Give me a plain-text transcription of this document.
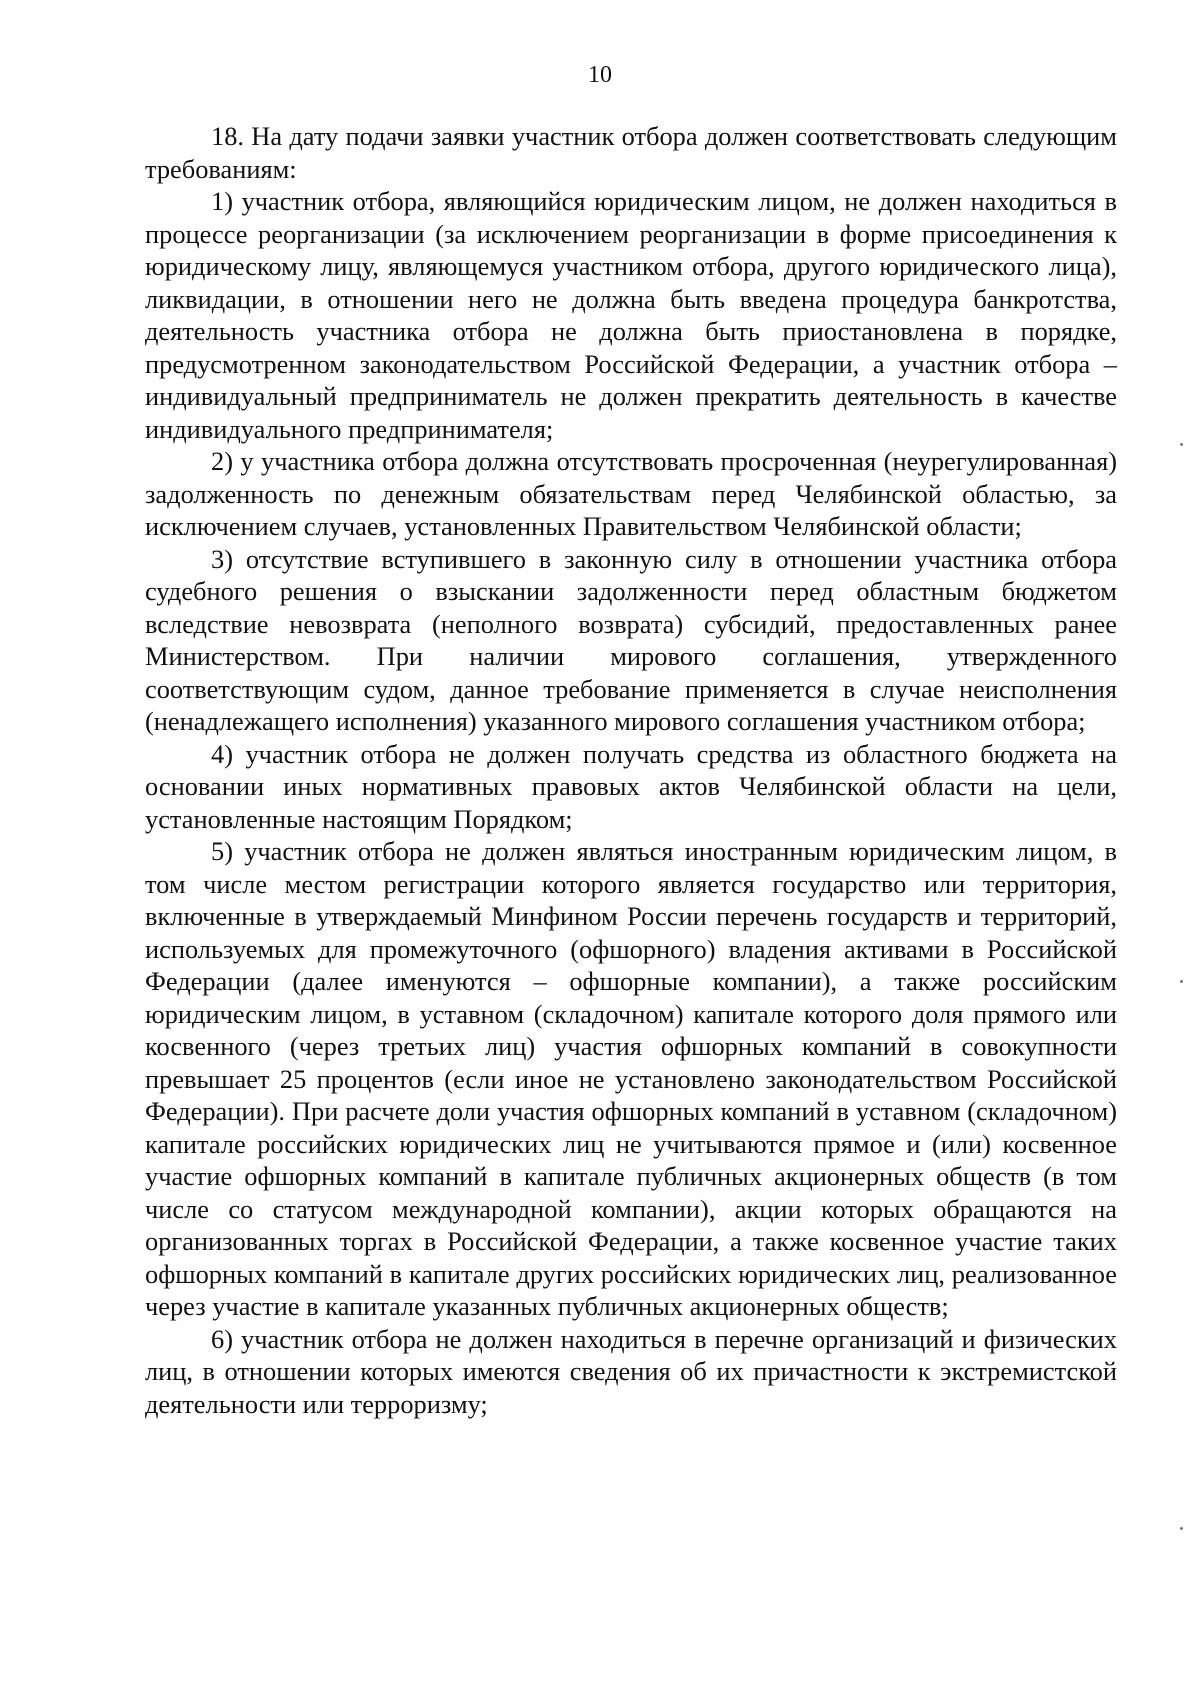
10

18. На дату подачи заявки участник отбора должен соответствовать следующим требованиям:

1) участник отбора, являющийся юридическим лицом, не должен находиться в процессе реорганизации (за исключением реорганизации в форме присоединения к юридическому лицу, являющемуся участником отбора, другого юридического лица), ликвидации, в отношении него не должна быть введена процедура банкротства, деятельность участника отбора не должна быть приостановлена в порядке, предусмотренном законодательством Российской Федерации, а участник отбора – индивидуальный предприниматель не должен прекратить деятельность в качестве индивидуального предпринимателя;

2) у участника отбора должна отсутствовать просроченная (неурегулированная) задолженность по денежным обязательствам перед Челябинской областью, за исключением случаев, установленных Правительством Челябинской области;

3) отсутствие вступившего в законную силу в отношении участника отбора судебного решения о взыскании задолженности перед областным бюджетом вследствие невозврата (неполного возврата) субсидий, предоставленных ранее Министерством. При наличии мирового соглашения, утвержденного соответствующим судом, данное требование применяется в случае неисполнения (ненадлежащего исполнения) указанного мирового соглашения участником отбора;

4) участник отбора не должен получать средства из областного бюджета на основании иных нормативных правовых актов Челябинской области на цели, установленные настоящим Порядком;

5) участник отбора не должен являться иностранным юридическим лицом, в том числе местом регистрации которого является государство или территория, включенные в утверждаемый Минфином России перечень государств и территорий, используемых для промежуточного (офшорного) владения активами в Российской Федерации (далее именуются – офшорные компании), а также российским юридическим лицом, в уставном (складочном) капитале которого доля прямого или косвенного (через третьих лиц) участия офшорных компаний в совокупности превышает 25 процентов (если иное не установлено законодательством Российской Федерации). При расчете доли участия офшорных компаний в уставном (складочном) капитале российских юридических лиц не учитываются прямое и (или) косвенное участие офшорных компаний в капитале публичных акционерных обществ (в том числе со статусом международной компании), акции которых обращаются на организованных торгах в Российской Федерации, а также косвенное участие таких офшорных компаний в капитале других российских юридических лиц, реализованное через участие в капитале указанных публичных акционерных обществ;

6) участник отбора не должен находиться в перечне организаций и физических лиц, в отношении которых имеются сведения об их причастности к экстремистской деятельности или терроризму;
